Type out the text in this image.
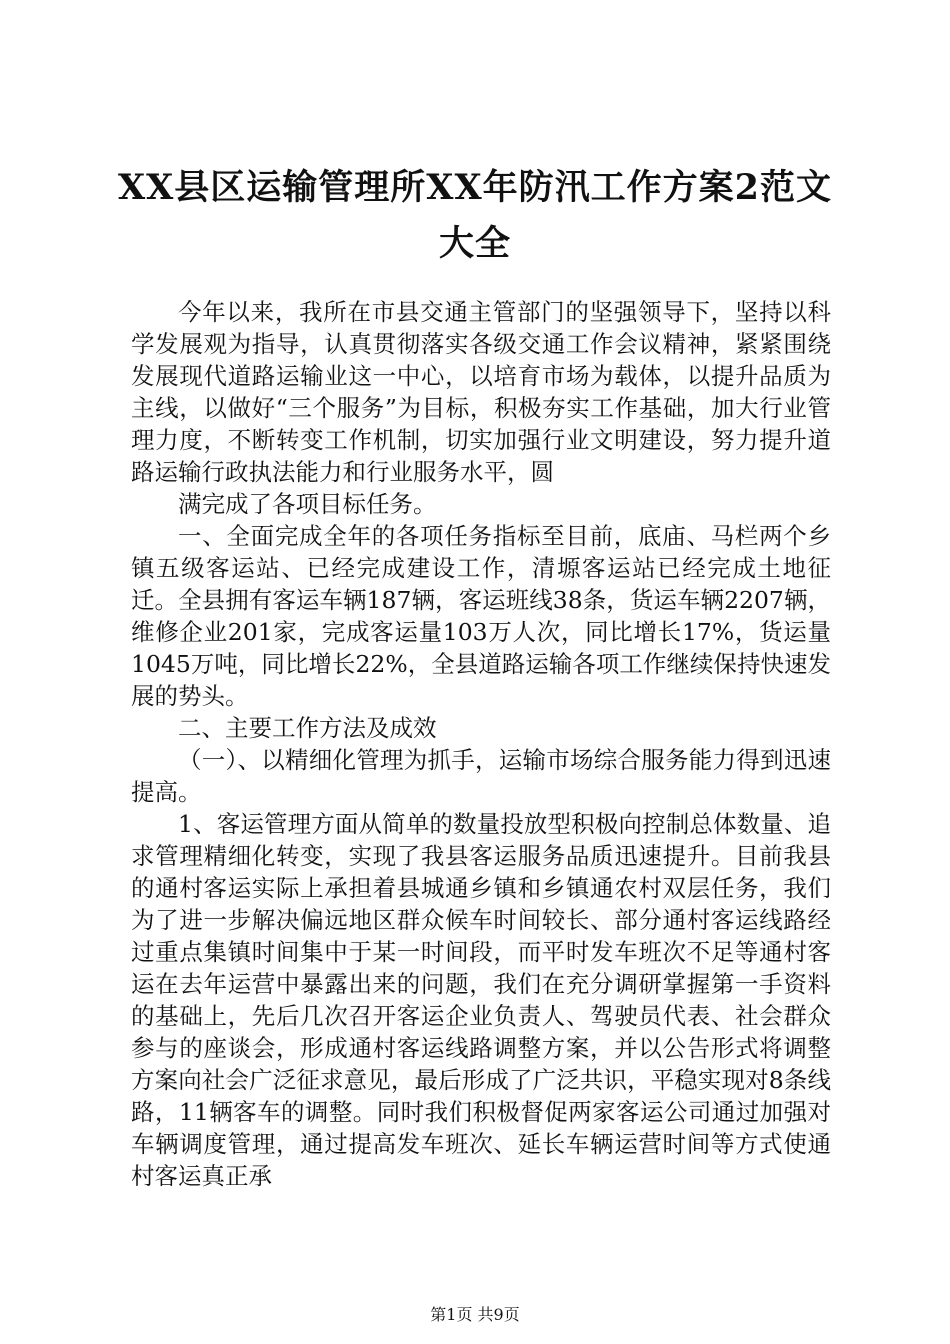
XX县区运输管理所XX年防汛工作方案2范文
大全

今年以来，我所在市县交通主管部门的坚强领导下，坚持以科学发展观为指导，认真贯彻落实各级交通工作会议精神，紧紧围绕发展现代道路运输业这一中心，以培育市场为载体，以提升品质为主线，以做好“三个服务”为目标，积极夯实工作基础，加大行业管理力度，不断转变工作机制，切实加强行业文明建设，努力提升道路运输行政执法能力和行业服务水平，圆

满完成了各项目标任务。

一、全面完成全年的各项任务指标至目前，底庙、马栏两个乡镇五级客运站、已经完成建设工作，清塬客运站已经完成土地征迁。全县拥有客运车辆187辆，客运班线38条，货运车辆2207辆，维修企业201家，完成客运量103万人次，同比增长17%，货运量1045万吨，同比增长22%，全县道路运输各项工作继续保持快速发展的势头。

二、主要工作方法及成效

（一）、以精细化管理为抓手，运输市场综合服务能力得到迅速提高。

1、客运管理方面从简单的数量投放型积极向控制总体数量、追求管理精细化转变，实现了我县客运服务品质迅速提升。目前我县的通村客运实际上承担着县城通乡镇和乡镇通农村双层任务，我们为了进一步解决偏远地区群众候车时间较长、部分通村客运线路经过重点集镇时间集中于某一时间段，而平时发车班次不足等通村客运在去年运营中暴露出来的问题，我们在充分调研掌握第一手资料的基础上，先后几次召开客运企业负责人、驾驶员代表、社会群众参与的座谈会，形成通村客运线路调整方案，并以公告形式将调整方案向社会广泛征求意见，最后形成了广泛共识，平稳实现对8条线路，11辆客车的调整。同时我们积极督促两家客运公司通过加强对车辆调度管理，通过提高发车班次、延长车辆运营时间等方式使通村客运真正承

第1页 共9页
